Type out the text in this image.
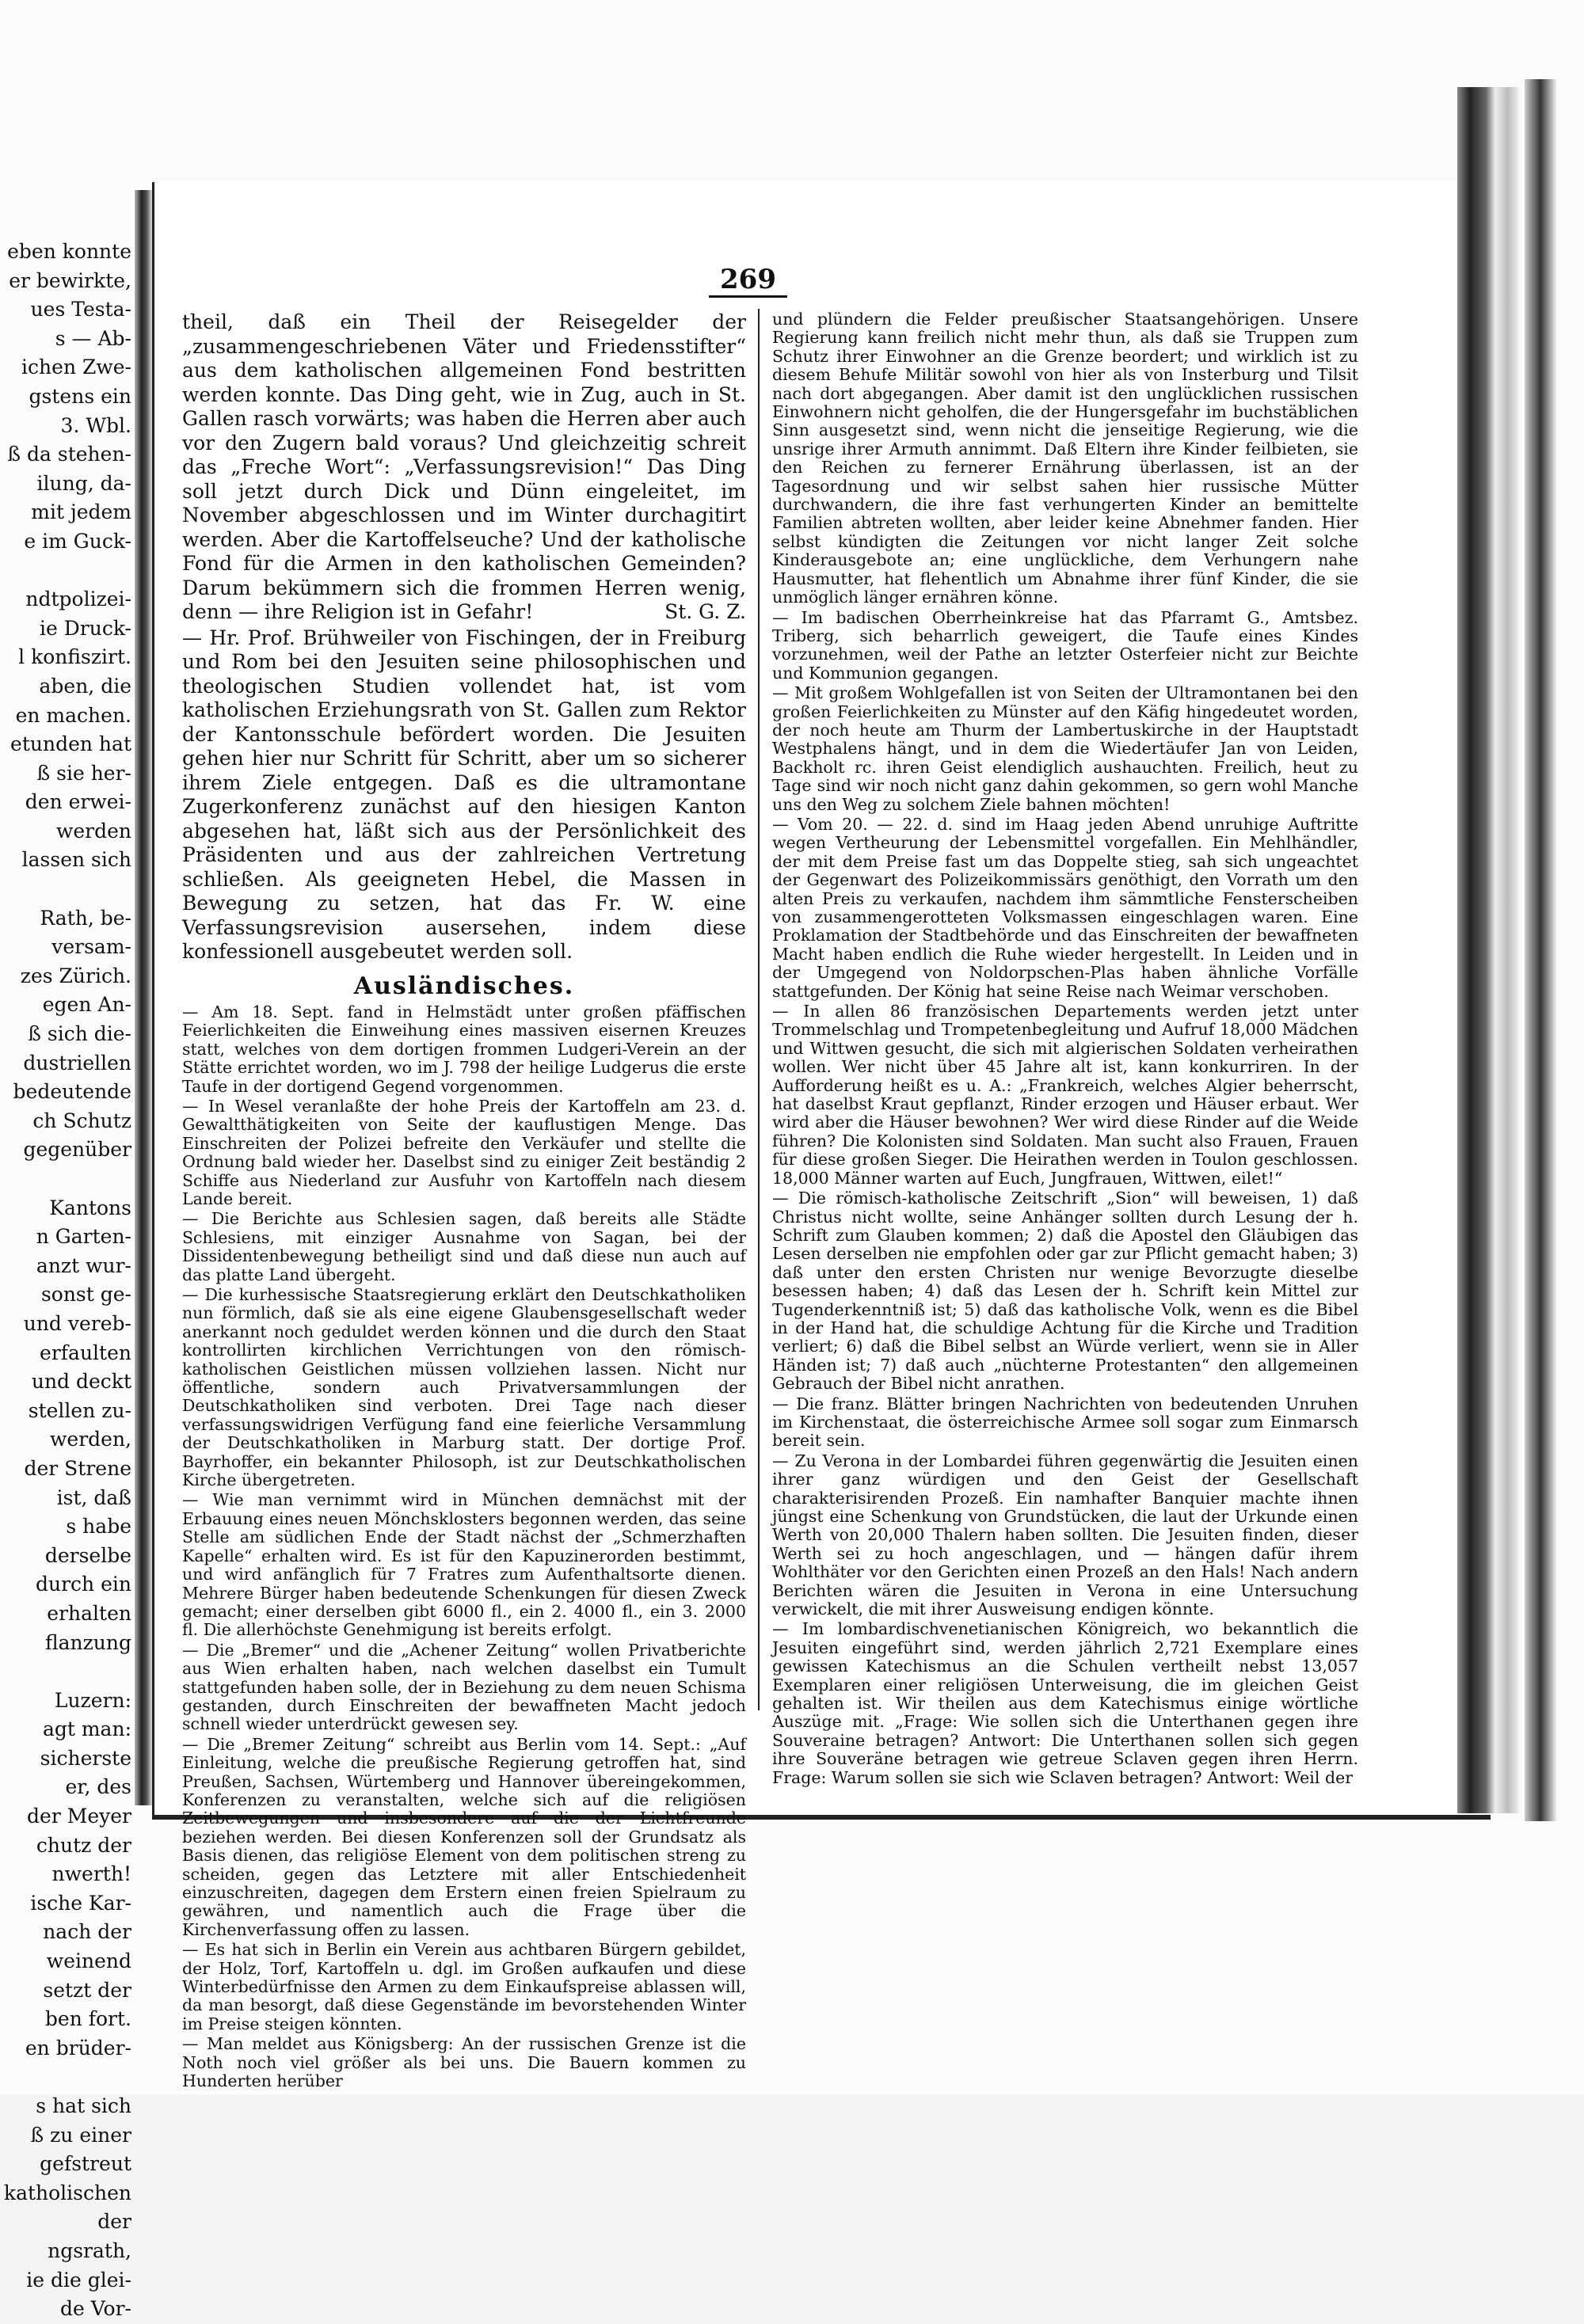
eben konnte
er bewirkte,
ues Testa-
s — Ab-
ichen Zwe-
gstens ein
3. Wbl.
ß da stehen-
ilung, da-
mit jedem
e im Guck-

ndtpolizei-
ie Druck-
l konfiszirt.
aben, die
en machen.
etunden hat
ß sie her-
den erwei-
werden
lassen sich

Rath, be-
versam-
zes Zürich.
egen An-
ß sich die-
dustriellen
bedeutende
ch Schutz
gegenüber

Kantons
n Garten-
anzt wur-
sonst ge-
und vereb-
erfaulten
und deckt
stellen zu-
werden,
der Strene
ist, daß
s habe
derselbe
durch ein
erhalten
flanzung

Luzern:
agt man:
sicherste
er, des
der Meyer
chutz der
nwerth!
ische Kar-
nach der
weinend
setzt der
ben fort.
en brüder-

s hat sich
ß zu einer
gefstreut
katholischen
der
ngsrath,
ie die glei-
de Vor-
269

theil, daß ein Theil der Reisegelder der „zusammengeschriebenen Väter und Friedensstifter“ aus dem katholischen allgemeinen Fond bestritten werden konnte. Das Ding geht, wie in Zug, auch in St. Gallen rasch vorwärts; was haben die Herren aber auch vor den Zugern bald voraus? Und gleichzeitig schreit das „Freche Wort“: „Verfassungsrevision!“ Das Ding soll jetzt durch Dick und Dünn eingeleitet, im November abgeschlossen und im Winter durchagitirt werden. Aber die Kartoffelseuche? Und der katholische Fond für die Armen in den katholischen Gemeinden? Darum bekümmern sich die frommen Herren wenig, denn — ihre Religion ist in Gefahr!	St. G. Z.

— Hr. Prof. Brühweiler von Fischingen, der in Freiburg und Rom bei den Jesuiten seine philosophischen und theologischen Studien vollendet hat, ist vom katholischen Erziehungsrath von St. Gallen zum Rektor der Kantonsschule befördert worden. Die Jesuiten gehen hier nur Schritt für Schritt, aber um so sicherer ihrem Ziele entgegen. Daß es die ultramontane Zugerkonferenz zunächst auf den hiesigen Kanton abgesehen hat, läßt sich aus der Persönlichkeit des Präsidenten und aus der zahlreichen Vertretung schließen. Als geeigneten Hebel, die Massen in Bewegung zu setzen, hat das Fr. W. eine Verfassungsrevision ausersehen, indem diese konfessionell ausgebeutet werden soll.

Ausländisches.

— Am 18. Sept. fand in Helmstädt unter großen pfäffischen Feierlichkeiten die Einweihung eines massiven eisernen Kreuzes statt, welches von dem dortigen frommen Ludgeri-Verein an der Stätte errichtet worden, wo im J. 798 der heilige Ludgerus die erste Taufe in der dortigend Gegend vorgenommen.

— In Wesel veranlaßte der hohe Preis der Kartoffeln am 23. d. Gewaltthätigkeiten von Seite der kauflustigen Menge. Das Einschreiten der Polizei befreite den Verkäufer und stellte die Ordnung bald wieder her. Daselbst sind zu einiger Zeit beständig 2 Schiffe aus Niederland zur Ausfuhr von Kartoffeln nach diesem Lande bereit.

— Die Berichte aus Schlesien sagen, daß bereits alle Städte Schlesiens, mit einziger Ausnahme von Sagan, bei der Dissidentenbewegung betheiligt sind und daß diese nun auch auf das platte Land übergeht.

— Die kurhessische Staatsregierung erklärt den Deutschkatholiken nun förmlich, daß sie als eine eigene Glaubensgesellschaft weder anerkannt noch geduldet werden können und die durch den Staat kontrollirten kirchlichen Verrichtungen von den römisch-katholischen Geistlichen müssen vollziehen lassen. Nicht nur öffentliche, sondern auch Privatversammlungen der Deutschkatholiken sind verboten. Drei Tage nach dieser verfassungswidrigen Verfügung fand eine feierliche Versammlung der Deutschkatholiken in Marburg statt. Der dortige Prof. Bayrhoffer, ein bekannter Philosoph, ist zur Deutschkatholischen Kirche übergetreten.

— Wie man vernimmt wird in München demnächst mit der Erbauung eines neuen Mönchsklosters begonnen werden, das seine Stelle am südlichen Ende der Stadt nächst der „Schmerzhaften Kapelle“ erhalten wird. Es ist für den Kapuzinerorden bestimmt, und wird anfänglich für 7 Fratres zum Aufenthaltsorte dienen. Mehrere Bürger haben bedeutende Schenkungen für diesen Zweck gemacht; einer derselben gibt 6000 fl., ein 2. 4000 fl., ein 3. 2000 fl. Die allerhöchste Genehmigung ist bereits erfolgt.

— Die „Bremer“ und die „Achener Zeitung“ wollen Privatberichte aus Wien erhalten haben, nach welchen daselbst ein Tumult stattgefunden haben solle, der in Beziehung zu dem neuen Schisma gestanden, durch Einschreiten der bewaffneten Macht jedoch schnell wieder unterdrückt gewesen sey.

— Die „Bremer Zeitung“ schreibt aus Berlin vom 14. Sept.: „Auf Einleitung, welche die preußische Regierung getroffen hat, sind Preußen, Sachsen, Würtemberg und Hannover übereingekommen, Konferenzen zu veranstalten, welche sich auf die religiösen Zeitbewegungen und insbesondere auf die der Lichtfreunde beziehen werden. Bei diesen Konferenzen soll der Grundsatz als Basis dienen, das religiöse Element von dem politischen streng zu scheiden, gegen das Letztere mit aller Entschiedenheit einzuschreiten, dagegen dem Erstern einen freien Spielraum zu gewähren, und namentlich auch die Frage über die Kirchenverfassung offen zu lassen.

— Es hat sich in Berlin ein Verein aus achtbaren Bürgern gebildet, der Holz, Torf, Kartoffeln u. dgl. im Großen aufkaufen und diese Winterbedürfnisse den Armen zu dem Einkaufspreise ablassen will, da man besorgt, daß diese Gegenstände im bevorstehenden Winter im Preise steigen könnten.

— Man meldet aus Königsberg: An der russischen Grenze ist die Noth noch viel größer als bei uns. Die Bauern kommen zu Hunderten herüber

und plündern die Felder preußischer Staatsangehörigen. Unsere Regierung kann freilich nicht mehr thun, als daß sie Truppen zum Schutz ihrer Einwohner an die Grenze beordert; und wirklich ist zu diesem Behufe Militär sowohl von hier als von Insterburg und Tilsit nach dort abgegangen. Aber damit ist den unglücklichen russischen Einwohnern nicht geholfen, die der Hungersgefahr im buchstäblichen Sinn ausgesetzt sind, wenn nicht die jenseitige Regierung, wie die unsrige ihrer Armuth annimmt. Daß Eltern ihre Kinder feilbieten, sie den Reichen zu fernerer Ernährung überlassen, ist an der Tagesordnung und wir selbst sahen hier russische Mütter durchwandern, die ihre fast verhungerten Kinder an bemittelte Familien abtreten wollten, aber leider keine Abnehmer fanden. Hier selbst kündigten die Zeitungen vor nicht langer Zeit solche Kinderausgebote an; eine unglückliche, dem Verhungern nahe Hausmutter, hat flehentlich um Abnahme ihrer fünf Kinder, die sie unmöglich länger ernähren könne.

— Im badischen Oberrheinkreise hat das Pfarramt G., Amtsbez. Triberg, sich beharrlich geweigert, die Taufe eines Kindes vorzunehmen, weil der Pathe an letzter Osterfeier nicht zur Beichte und Kommunion gegangen.

— Mit großem Wohlgefallen ist von Seiten der Ultramontanen bei den großen Feierlichkeiten zu Münster auf den Käfig hingedeutet worden, der noch heute am Thurm der Lambertuskirche in der Hauptstadt Westphalens hängt, und in dem die Wiedertäufer Jan von Leiden, Backholt rc. ihren Geist elendiglich aushauchten. Freilich, heut zu Tage sind wir noch nicht ganz dahin gekommen, so gern wohl Manche uns den Weg zu solchem Ziele bahnen möchten!

— Vom 20. — 22. d. sind im Haag jeden Abend unruhige Auftritte wegen Vertheurung der Lebensmittel vorgefallen. Ein Mehlhändler, der mit dem Preise fast um das Doppelte stieg, sah sich ungeachtet der Gegenwart des Polizeikommissärs genöthigt, den Vorrath um den alten Preis zu verkaufen, nachdem ihm sämmtliche Fensterscheiben von zusammengerotteten Volksmassen eingeschlagen waren. Eine Proklamation der Stadtbehörde und das Einschreiten der bewaffneten Macht haben endlich die Ruhe wieder hergestellt. In Leiden und in der Umgegend von Noldorpschen-Plas haben ähnliche Vorfälle stattgefunden. Der König hat seine Reise nach Weimar verschoben.

— In allen 86 französischen Departements werden jetzt unter Trommelschlag und Trompetenbegleitung und Aufruf 18,000 Mädchen und Wittwen gesucht, die sich mit algierischen Soldaten verheirathen wollen. Wer nicht über 45 Jahre alt ist, kann konkurriren. In der Aufforderung heißt es u. A.: „Frankreich, welches Algier beherrscht, hat daselbst Kraut gepflanzt, Rinder erzogen und Häuser erbaut. Wer wird aber die Häuser bewohnen? Wer wird diese Rinder auf die Weide führen? Die Kolonisten sind Soldaten. Man sucht also Frauen, Frauen für diese großen Sieger. Die Heirathen werden in Toulon geschlossen. 18,000 Männer warten auf Euch, Jungfrauen, Wittwen, eilet!“

— Die römisch-katholische Zeitschrift „Sion“ will beweisen, 1) daß Christus nicht wollte, seine Anhänger sollten durch Lesung der h. Schrift zum Glauben kommen; 2) daß die Apostel den Gläubigen das Lesen derselben nie empfohlen oder gar zur Pflicht gemacht haben; 3) daß unter den ersten Christen nur wenige Bevorzugte dieselbe besessen haben; 4) daß das Lesen der h. Schrift kein Mittel zur Tugenderkenntniß ist; 5) daß das katholische Volk, wenn es die Bibel in der Hand hat, die schuldige Achtung für die Kirche und Tradition verliert; 6) daß die Bibel selbst an Würde verliert, wenn sie in Aller Händen ist; 7) daß auch „nüchterne Protestanten“ den allgemeinen Gebrauch der Bibel nicht anrathen.

— Die franz. Blätter bringen Nachrichten von bedeutenden Unruhen im Kirchenstaat, die österreichische Armee soll sogar zum Einmarsch bereit sein.

— Zu Verona in der Lombardei führen gegenwärtig die Jesuiten einen ihrer ganz würdigen und den Geist der Gesellschaft charakterisirenden Prozeß. Ein namhafter Banquier machte ihnen jüngst eine Schenkung von Grundstücken, die laut der Urkunde einen Werth von 20,000 Thalern haben sollten. Die Jesuiten finden, dieser Werth sei zu hoch angeschlagen, und — hängen dafür ihrem Wohlthäter vor den Gerichten einen Prozeß an den Hals! Nach andern Berichten wären die Jesuiten in Verona in eine Untersuchung verwickelt, die mit ihrer Ausweisung endigen könnte.

— Im lombardischvenetianischen Königreich, wo bekanntlich die Jesuiten eingeführt sind, werden jährlich 2,721 Exemplare eines gewissen Katechismus an die Schulen vertheilt nebst 13,057 Exemplaren einer religiösen Unterweisung, die im gleichen Geist gehalten ist. Wir theilen aus dem Katechismus einige wörtliche Auszüge mit. „Frage: Wie sollen sich die Unterthanen gegen ihre Souveraine betragen? Antwort: Die Unterthanen sollen sich gegen ihre Souveräne betragen wie getreue Sclaven gegen ihren Herrn. Frage: Warum sollen sie sich wie Sclaven betragen? Antwort: Weil der
